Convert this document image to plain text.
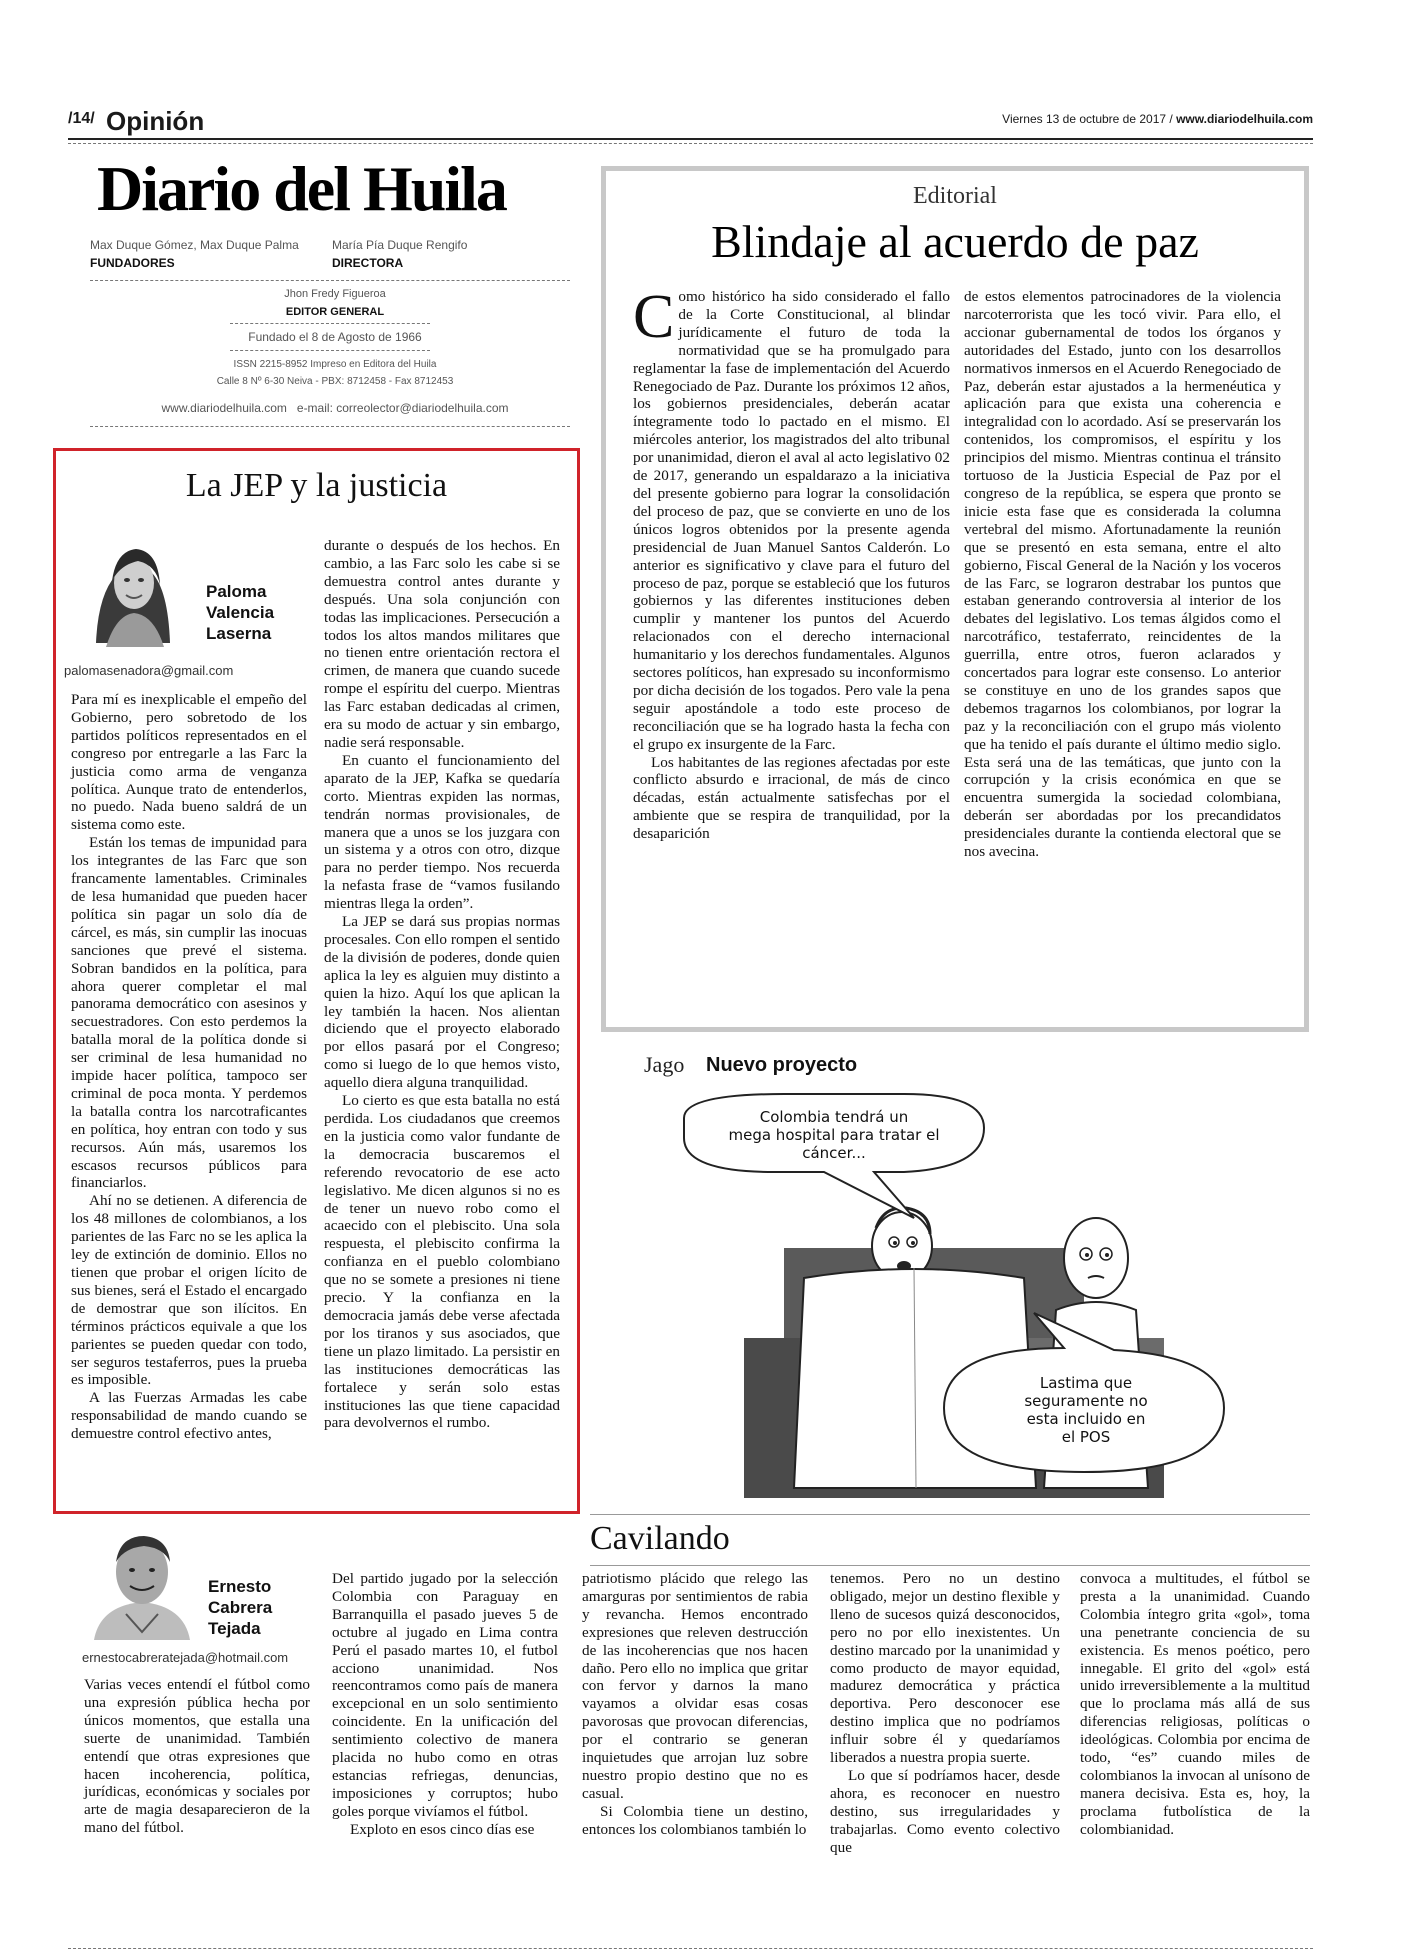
/14/ Opinión	Viernes 13 de octubre de 2017 / www.diariodelhuila.com
Diario del Huila
Max Duque Gómez, Max Duque Palma
FUNDADORES
María Pía Duque Rengifo
DIRECTORA
Jhon Fredy Figueroa
EDITOR GENERAL
Fundado el 8 de Agosto de 1966
ISSN 2215-8952 Impreso en Editora del Huila
Calle 8 Nº 6-30 Neiva - PBX: 8712458 - Fax 8712453
www.diariodelhuila.com e-mail: correolector@diariodelhuila.com
Editorial
Blindaje al acuerdo de paz

Como histórico ha sido considerado el fallo de la Corte Constitucional, al blindar jurídicamente el futuro de toda la normatividad que se ha promulgado para reglamentar la fase de implementación del Acuerdo Renegociado de Paz. Durante los próximos 12 años, los gobiernos presidenciales, deberán acatar íntegramente todo lo pactado en el mismo. El miércoles anterior, los magistrados del alto tribunal por unanimidad, dieron el aval al acto legislativo 02 de 2017, generando un espaldarazo a la iniciativa del presente gobierno para lograr la consolidación del proceso de paz, que se convierte en uno de los únicos logros obtenidos por la presente agenda presidencial de Juan Manuel Santos Calderón. Lo anterior es significativo y clave para el futuro del proceso de paz, porque se estableció que los futuros gobiernos y las diferentes instituciones deben cumplir y mantener los puntos del Acuerdo relacionados con el derecho internacional humanitario y los derechos fundamentales. Algunos sectores políticos, han expresado su inconformismo por dicha decisión de los togados. Pero vale la pena seguir apostándole a todo este proceso de reconciliación que se ha logrado hasta la fecha con el grupo ex insurgente de la Farc.

Los habitantes de las regiones afectadas por este conflicto absurdo e irracional, de más de cinco décadas, están actualmente satisfechas por el ambiente que se respira de tranquilidad, por la desaparición

de estos elementos patrocinadores de la violencia narcoterrorista que les tocó vivir. Para ello, el accionar gubernamental de todos los órganos y autoridades del Estado, junto con los desarrollos normativos inmersos en el Acuerdo Renegociado de Paz, deberán estar ajustados a la hermenéutica y aplicación para que exista una coherencia e integralidad con lo acordado. Así se preservarán los contenidos, los compromisos, el espíritu y los principios del mismo. Mientras continua el tránsito tortuoso de la Justicia Especial de Paz por el congreso de la república, se espera que pronto se inicie esta fase que es considerada la columna vertebral del mismo. Afortunadamente la reunión que se presentó en esta semana, entre el alto gobierno, Fiscal General de la Nación y los voceros de las Farc, se lograron destrabar los puntos que estaban generando controversia al interior de los debates del legislativo. Los temas álgidos como el narcotráfico, testaferrato, reincidentes de la guerrilla, entre otros, fueron aclarados y concertados para lograr este consenso. Lo anterior se constituye en uno de los grandes sapos que debemos tragarnos los colombianos, por lograr la paz y la reconciliación con el grupo más violento que ha tenido el país durante el último medio siglo. Esta será una de las temáticas, que junto con la corrupción y la crisis económica en que se encuentra sumergida la sociedad colombiana, deberán ser abordadas por los precandidatos presidenciales durante la contienda electoral que se nos avecina.

La JEP y la justicia
Paloma
Valencia
Laserna
palomasenadora@gmail.com

Para mí es inexplicable el empeño del Gobierno, pero sobretodo de los partidos políticos representados en el congreso por entregarle a las Farc la justicia como arma de venganza política. Aunque trato de entenderlos, no puedo. Nada bueno saldrá de un sistema como este.

Están los temas de impunidad para los integrantes de las Farc que son francamente lamentables. Criminales de lesa humanidad que pueden hacer política sin pagar un solo día de cárcel, es más, sin cumplir las inocuas sanciones que prevé el sistema. Sobran bandidos en la política, para ahora querer completar el mal panorama democrático con asesinos y secuestradores. Con esto perdemos la batalla moral de la política donde si ser criminal de lesa humanidad no impide hacer política, tampoco ser criminal de poca monta. Y perdemos la batalla contra los narcotraficantes en política, hoy entran con todo y sus recursos. Aún más, usaremos los escasos recursos públicos para financiarlos.

Ahí no se detienen. A diferencia de los 48 millones de colombianos, a los parientes de las Farc no se les aplica la ley de extinción de dominio. Ellos no tienen que probar el origen lícito de sus bienes, será el Estado el encargado de demostrar que son ilícitos. En términos prácticos equivale a que los parientes se pueden quedar con todo, ser seguros testaferros, pues la prueba es imposible.

A las Fuerzas Armadas les cabe responsabilidad de mando cuando se demuestre control efectivo antes,

durante o después de los hechos. En cambio, a las Farc solo les cabe si se demuestra control antes durante y después. Una sola conjunción con todas las implicaciones. Persecución a todos los altos mandos militares que no tienen entre orientación rectora el crimen, de manera que cuando sucede rompe el espíritu del cuerpo. Mientras las Farc estaban dedicadas al crimen, era su modo de actuar y sin embargo, nadie será responsable.

En cuanto el funcionamiento del aparato de la JEP, Kafka se quedaría corto. Mientras expiden las normas, tendrán normas provisionales, de manera que a unos se los juzgara con un sistema y a otros con otro, dizque para no perder tiempo. Nos recuerda la nefasta frase de “vamos fusilando mientras llega la orden”.

La JEP se dará sus propias normas procesales. Con ello rompen el sentido de la división de poderes, donde quien aplica la ley es alguien muy distinto a quien la hizo. Aquí los que aplican la ley también la hacen. Nos alientan diciendo que el proyecto elaborado por ellos pasará por el Congreso; como si luego de lo que hemos visto, aquello diera alguna tranquilidad.

Lo cierto es que esta batalla no está perdida. Los ciudadanos que creemos en la justicia como valor fundante de la democracia buscaremos el referendo revocatorio de ese acto legislativo. Me dicen algunos si no es de tener un nuevo robo como el acaecido con el plebiscito. Una sola respuesta, el plebiscito confirma la confianza en el pueblo colombiano que no se somete a presiones ni tiene precio. Y la confianza en la democracia jamás debe verse afectada por los tiranos y sus asociados, que tiene un plazo limitado. La persistir en las instituciones democráticas las fortalece y serán solo estas instituciones las que tiene capacidad para devolvernos el rumbo.

Jago Nuevo proyecto
Colombia tendrá un
mega hospital para tratar el
cáncer...
Lastima que
seguramente no
esta incluido en
el POS
Cavilando
Ernesto
Cabrera
Tejada
ernestocabreratejada@hotmail.com

Varias veces entendí el fútbol como una expresión pública hecha por únicos momentos, que estalla una suerte de unanimidad. También entendí que otras expresiones que hacen incoherencia, política, jurídicas, económicas y sociales por arte de magia desaparecieron de la mano del fútbol.

Del partido jugado por la selección Colombia con Paraguay en Barranquilla el pasado jueves 5 de octubre al jugado en Lima contra Perú el pasado martes 10, el futbol acciono unanimidad. Nos reencontramos como país de manera excepcional en un solo sentimiento coincidente. En la unificación del sentimiento colectivo de manera placida no hubo como en otras estancias refriegas, denuncias, imposiciones y corruptos; hubo goles porque vivíamos el fútbol.

Exploto en esos cinco días ese

patriotismo plácido que relego las amarguras por sentimientos de rabia y revancha. Hemos encontrado expresiones que releven destrucción de las incoherencias que nos hacen daño. Pero ello no implica que gritar con fervor y darnos la mano vayamos a olvidar esas cosas pavorosas que provocan diferencias, por el contrario se generan inquietudes que arrojan luz sobre nuestro propio destino que no es casual.

Si Colombia tiene un destino, entonces los colombianos también lo

tenemos. Pero no un destino obligado, mejor un destino flexible y lleno de sucesos quizá desconocidos, pero no por ello inexistentes. Un destino marcado por la unanimidad y como producto de mayor equidad, madurez democrática y práctica deportiva. Pero desconocer ese destino implica que no podríamos influir sobre él y quedaríamos liberados a nuestra propia suerte.

Lo que sí podríamos hacer, desde ahora, es reconocer en nuestro destino, sus irregularidades y trabajarlas. Como evento colectivo que

convoca a multitudes, el fútbol se presta a la unanimidad. Cuando Colombia íntegro grita «gol», toma una penetrante conciencia de su existencia. Es menos poético, pero innegable. El grito del «gol» está unido irreversiblemente a la multitud que lo proclama más allá de sus diferencias religiosas, políticas o ideológicas. Colombia por encima de todo, “es” cuando miles de colombianos la invocan al unísono de manera decisiva. Esta es, hoy, la proclama futbolística de la colombianidad.
